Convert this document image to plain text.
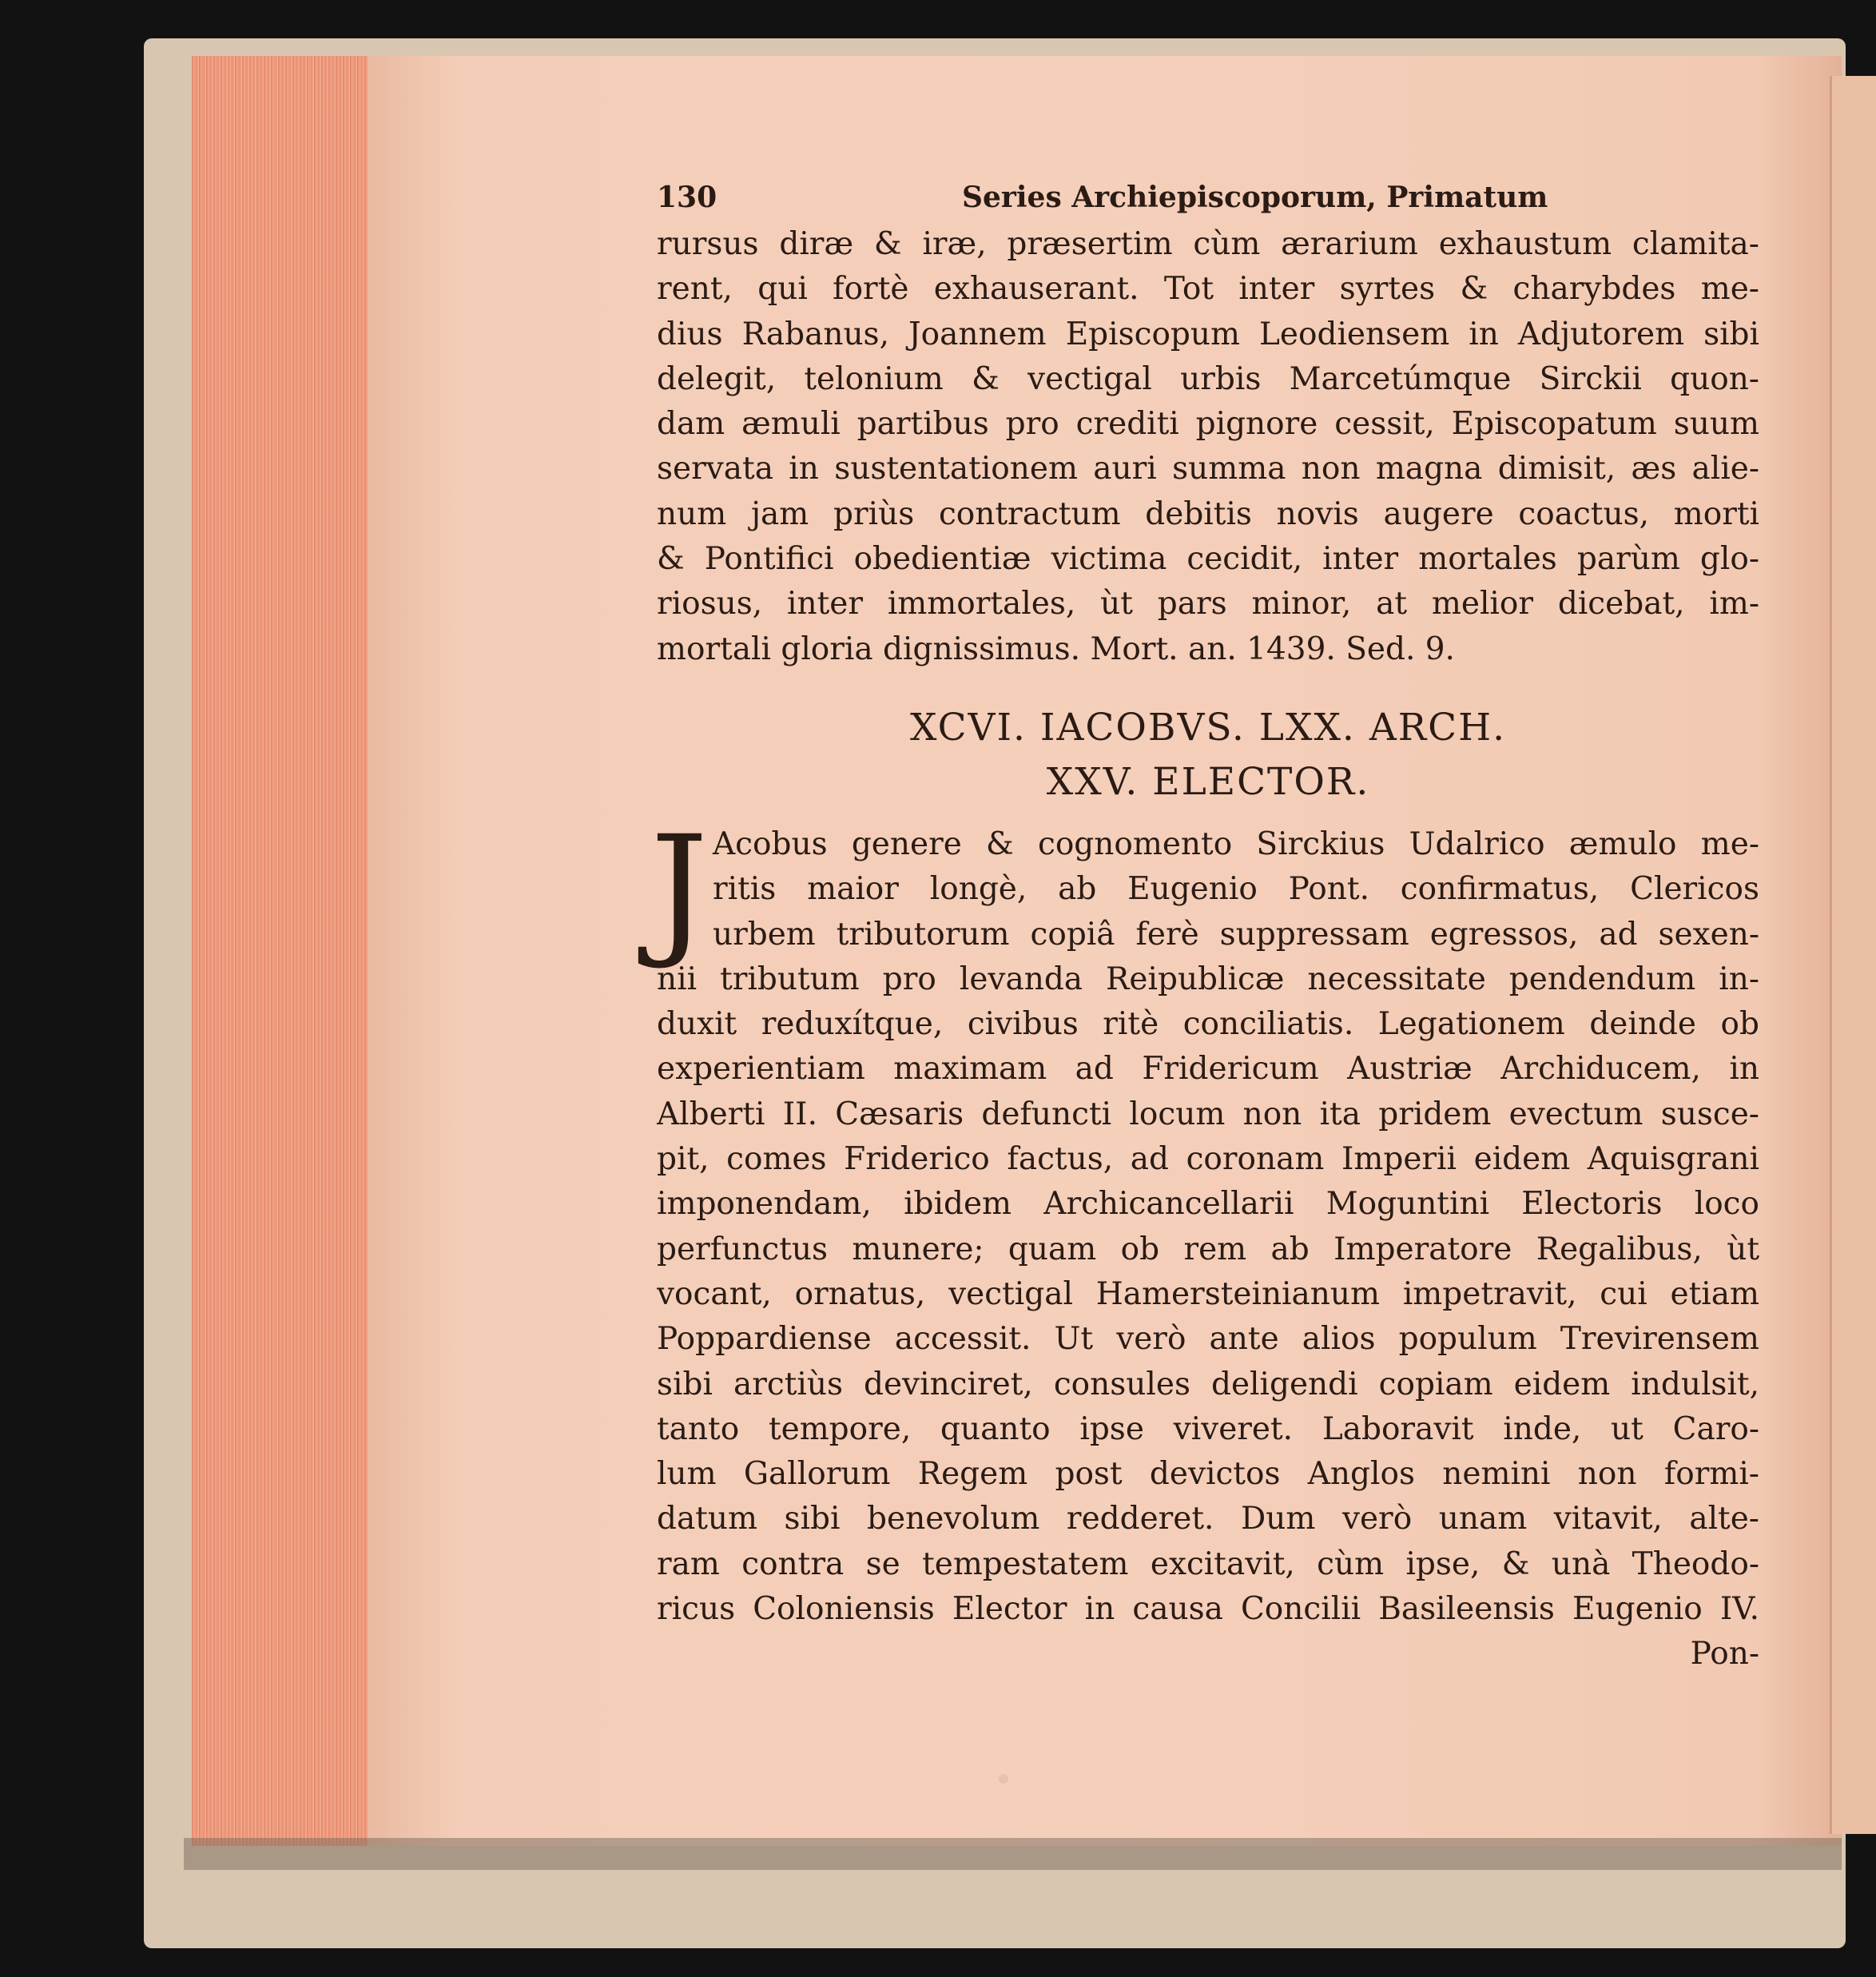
130	Series Archiepiscoporum, Primatum
rursus diræ & iræ, præsertim cùm ærarium exhaustum clamita-
rent, qui fortè exhauserant. Tot inter syrtes & charybdes me-
dius Rabanus, Joannem Episcopum Leodiensem in Adjutorem sibi
delegit, telonium & vectigal urbis Marcetúmque Sirckii quon-
dam æmuli partibus pro crediti pignore cessit, Episcopatum suum
servata in sustentationem auri summa non magna dimisit, æs alie-
num jam priùs contractum debitis novis augere coactus, morti
& Pontifici obedientiæ victima cecidit, inter mortales parùm glo-
riosus, inter immortales, ùt pars minor, at melior dicebat, im-
mortali gloria dignissimus. Mort. an. 1439. Sed. 9.
XCVI. IACOBVS. LXX. ARCH.
XXV. ELECTOR.
J Acobus genere & cognomento Sirckius Udalrico æmulo me-
ritis maior longè, ab Eugenio Pont. confirmatus, Clericos
urbem tributorum copiâ ferè suppressam egressos, ad sexen-
nii tributum pro levanda Reipublicæ necessitate pendendum in-
duxit reduxítque, civibus ritè conciliatis. Legationem deinde ob
experientiam maximam ad Fridericum Austriæ Archiducem, in
Alberti II. Cæsaris defuncti locum non ita pridem evectum susce-
pit, comes Friderico factus, ad coronam Imperii eidem Aquisgrani
imponendam, ibidem Archicancellarii Moguntini Electoris loco
perfunctus munere; quam ob rem ab Imperatore Regalibus, ùt
vocant, ornatus, vectigal Hamersteinianum impetravit, cui etiam
Poppardiense accessit. Ut verò ante alios populum Trevirensem
sibi arctiùs devinciret, consules deligendi copiam eidem indulsit,
tanto tempore, quanto ipse viveret. Laboravit inde, ut Caro-
lum Gallorum Regem post devictos Anglos nemini non formi-
datum sibi benevolum redderet. Dum verò unam vitavit, alte-
ram contra se tempestatem excitavit, cùm ipse, & unà Theodo-
ricus Coloniensis Elector in causa Concilii Basileensis Eugenio IV.
Pon-
